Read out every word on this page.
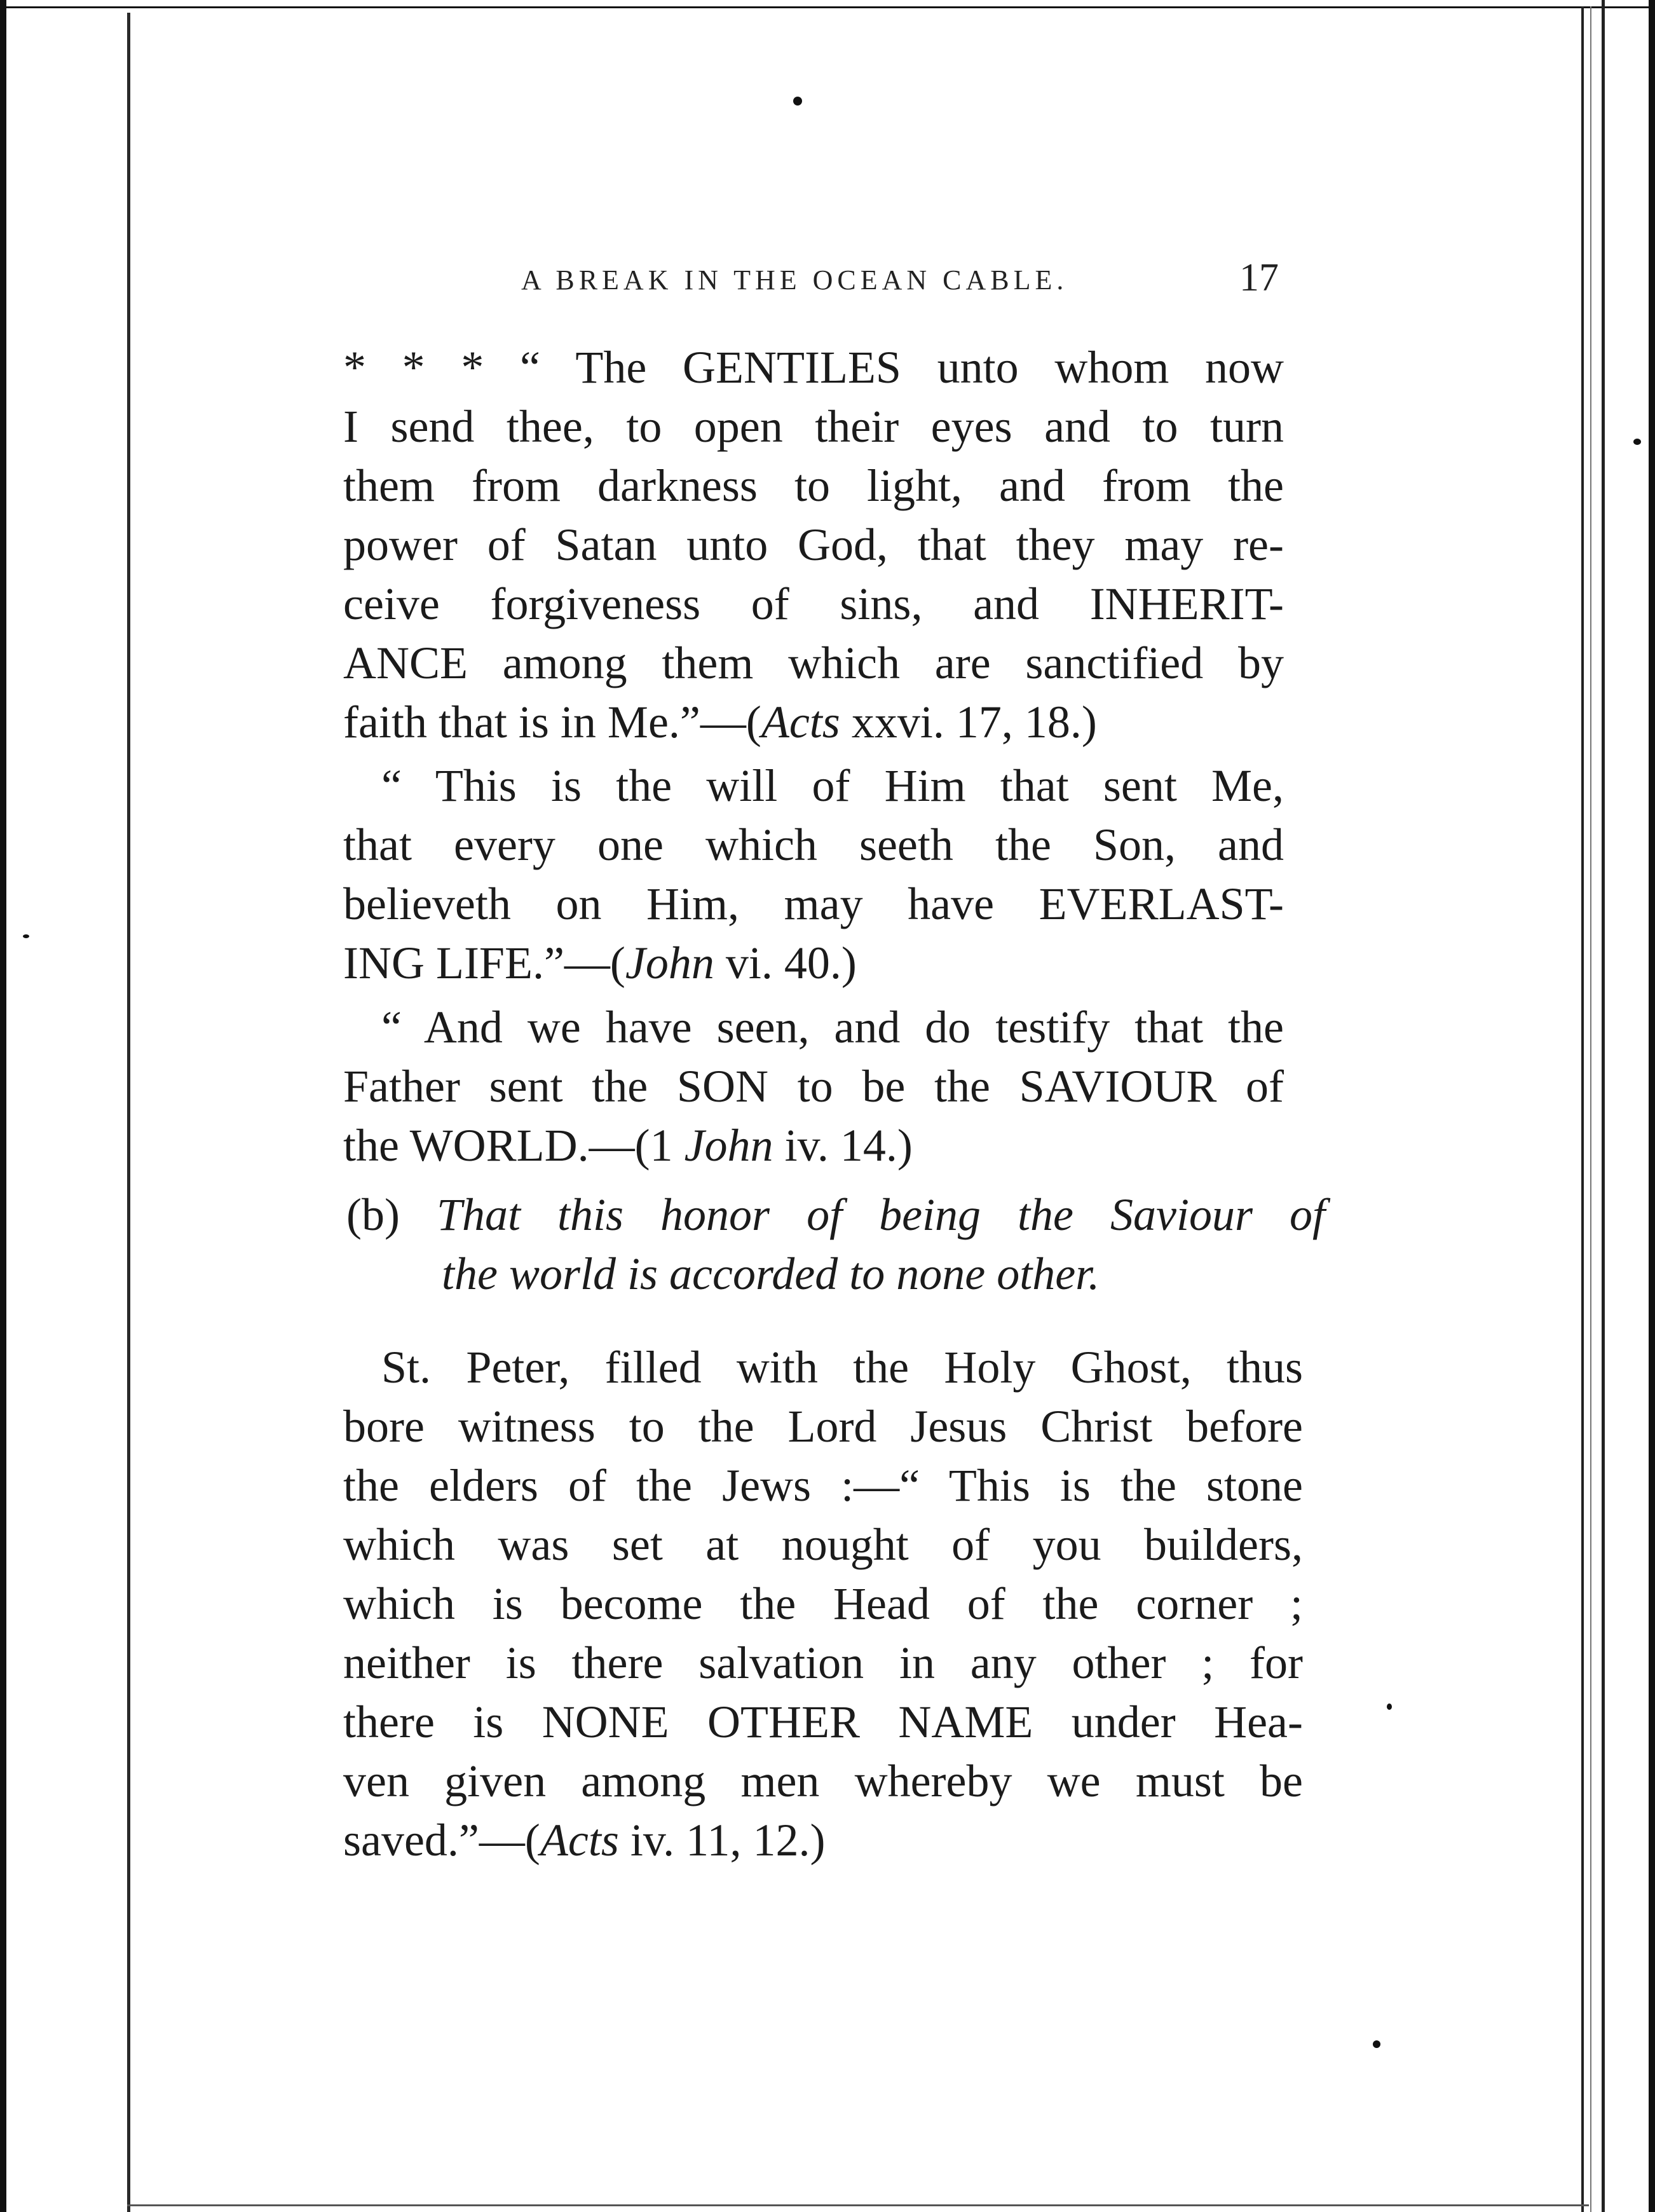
A BREAK IN THE OCEAN CABLE.	17
* * * “ The GENTILES unto whom now
I send thee, to open their eyes and to turn
them from darkness to light, and from the
power of Satan unto God, that they may re-
ceive forgiveness of sins, and INHERIT-
ANCE among them which are sanctified by
faith that is in Me.”—(Acts xxvi. 17, 18.)
“ This is the will of Him that sent Me,
that every one which seeth the Son, and
believeth on Him, may have EVERLAST-
ING LIFE.”—(John vi. 40.)
“ And we have seen, and do testify that the
Father sent the SON to be the SAVIOUR of
the WORLD.—(1 John iv. 14.)
(b) That this honor of being the Saviour of
the world is accorded to none other.
St. Peter, filled with the Holy Ghost, thus
bore witness to the Lord Jesus Christ before
the elders of the Jews :—“ This is the stone
which was set at nought of you builders,
which is become the Head of the corner ;
neither is there salvation in any other ; for
there is NONE OTHER NAME under Hea-
ven given among men whereby we must be
saved.”—(Acts iv. 11, 12.)
